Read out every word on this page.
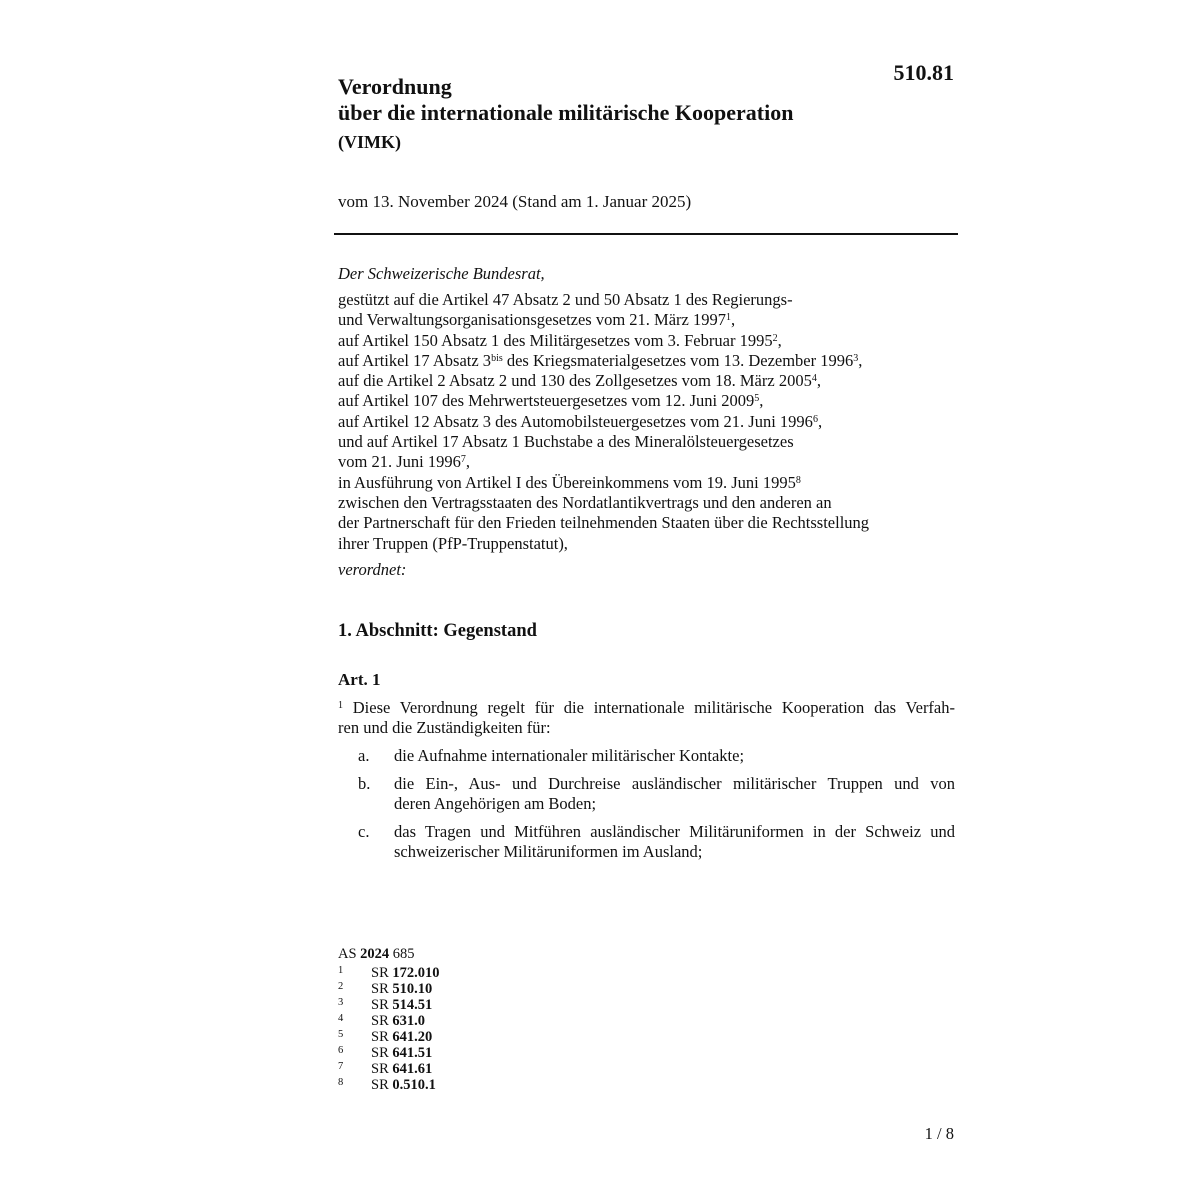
510.81
Verordnung
über die internationale militärische Kooperation
(VIMK)
vom 13. November 2024 (Stand am 1. Januar 2025)
Der Schweizerische Bundesrat,
gestützt auf die Artikel 47 Absatz 2 und 50 Absatz 1 des Regierungs-
und Verwaltungsorganisationsgesetzes vom 21. März 1997$^1$,
auf Artikel 150 Absatz 1 des Militärgesetzes vom 3. Februar 1995$^2$,
auf Artikel 17 Absatz $3^{bis}$ des Kriegsmaterialgesetzes vom 13. Dezember 1996$^3$,
auf die Artikel 2 Absatz 2 und 130 des Zollgesetzes vom 18. März 2005$^4$,
auf Artikel 107 des Mehrwertsteuergesetzes vom 12. Juni 2009$^5$,
auf Artikel 12 Absatz 3 des Automobilsteuergesetzes vom 21. Juni 1996$^6$,
und auf Artikel 17 Absatz 1 Buchstabe a des Mineralölsteuergesetzes
vom 21. Juni 1996$^7$,
in Ausführung von Artikel I des Übereinkommens vom 19. Juni 1995$^8$
zwischen den Vertragsstaaten des Nordatlantikvertrags und den anderen an
der Partnerschaft für den Frieden teilnehmenden Staaten über die Rechtsstellung
ihrer Truppen (PfP-Truppenstatut),
verordnet:
1. Abschnitt: Gegenstand
Art. 1
$^1$ Diese Verordnung regelt für die internationale militärische Kooperation das Verfah-
ren und die Zuständigkeiten für:
a.	die Aufnahme internationaler militärischer Kontakte;
b.	die Ein-, Aus- und Durchreise ausländischer militärischer Truppen und von
deren Angehörigen am Boden;
c.	das Tragen und Mitführen ausländischer Militäruniformen in der Schweiz und
schweizerischer Militäruniformen im Ausland;
AS 2024 685
1	SR 172.010
2	SR 510.10
3	SR 514.51
4	SR 631.0
5	SR 641.20
6	SR 641.51
7	SR 641.61
8	SR 0.510.1
1 / 8
